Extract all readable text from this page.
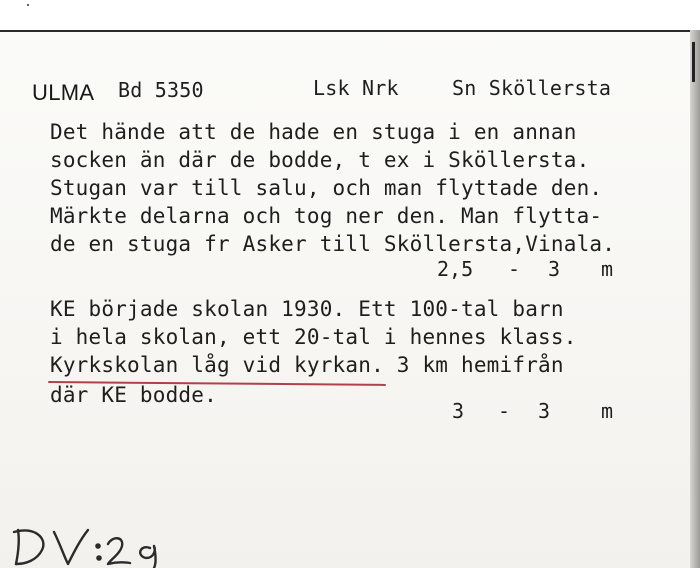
ULMA Bd 5350	Lsk Nrk	Sn Sköllersta
Det hände att de hade en stuga i en annan
socken än där de bodde, t ex i Sköllersta.
Stugan var till salu, och man flyttade den.
Märkte delarna och tog ner den. Man flytta-
de en stuga fr Asker till Sköllersta,Vinala.
2,5 - 3 m
KE började skolan 1930. Ett 100-tal barn
i hela skolan, ett 20-tal i hennes klass.
Kyrkskolan låg vid kyrkan. 3 km hemifrån
där KE bodde.
3 - 3	m
